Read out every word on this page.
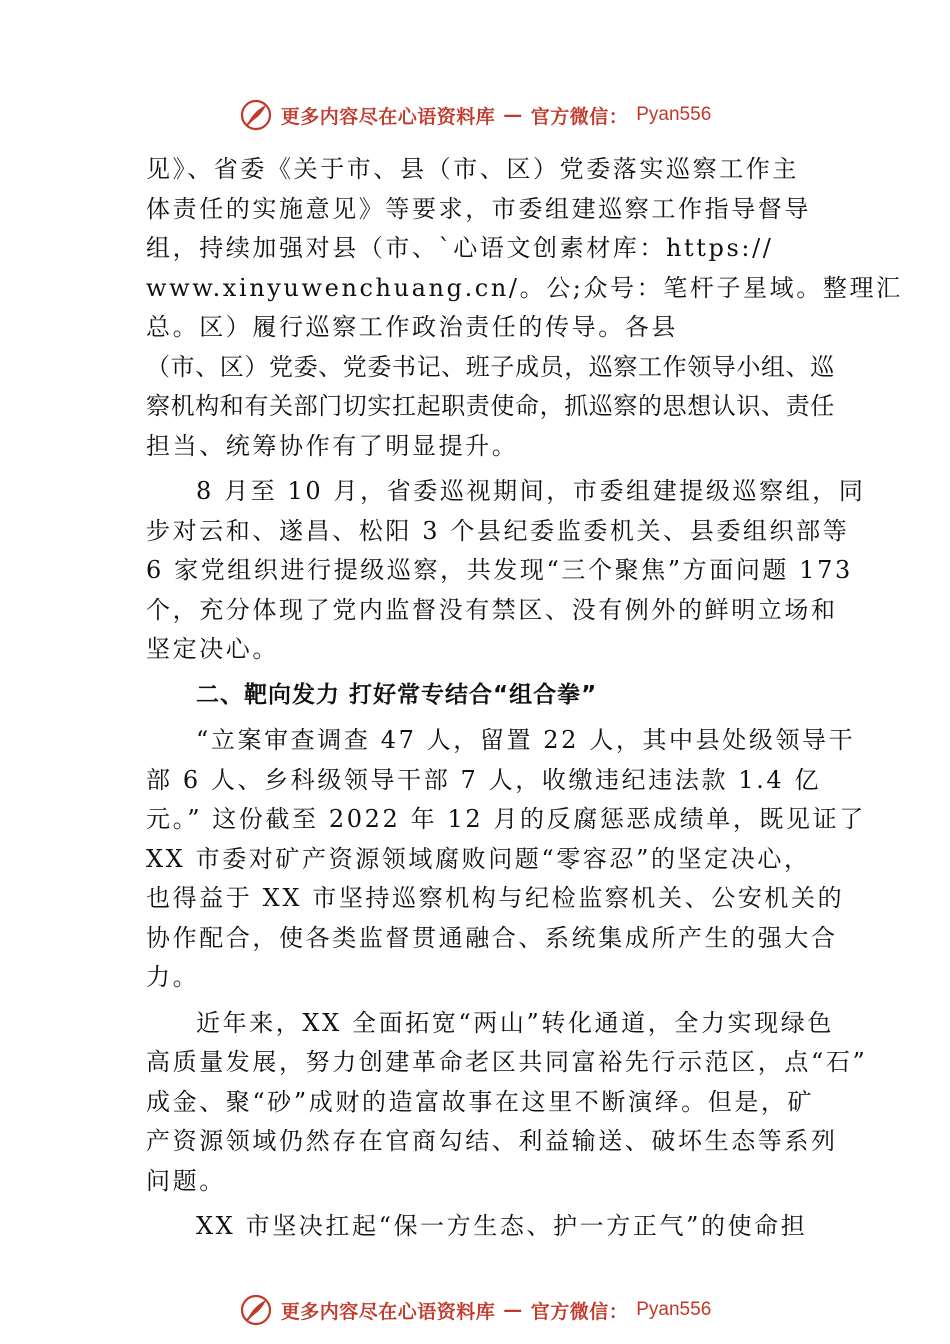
更多内容尽在心语资料库 — 官方微信： Pyan556
见》、省委《关于市、县（市、区）党委落实巡察工作主
体责任的实施意见》等要求，市委组建巡察工作指导督导
组，持续加强对县（市、`心语文创素材库：https://
www.xinyuwenchuang.cn/。公;众号：笔杆子星域。整理汇
总。区）履行巡察工作政治责任的传导。各县
（市、区）党委、党委书记、班子成员，巡察工作领导小组、巡
察机构和有关部门切实扛起职责使命，抓巡察的思想认识、责任
担当、统筹协作有了明显提升。
8 月至 10 月，省委巡视期间，市委组建提级巡察组，同
步对云和、遂昌、松阳 3 个县纪委监委机关、县委组织部等
6 家党组织进行提级巡察，共发现“三个聚焦”方面问题 173
个，充分体现了党内监督没有禁区、没有例外的鲜明立场和
坚定决心。
二、靶向发力 打好常专结合“组合拳”
“立案审查调查 47 人，留置 22 人，其中县处级领导干
部 6 人、乡科级领导干部 7 人，收缴违纪违法款 1.4 亿
元。” 这份截至 2022 年 12 月的反腐惩恶成绩单，既见证了
XX 市委对矿产资源领域腐败问题“零容忍”的坚定决心，
也得益于 XX 市坚持巡察机构与纪检监察机关、公安机关的
协作配合，使各类监督贯通融合、系统集成所产生的强大合
力。
近年来，XX 全面拓宽“两山”转化通道，全力实现绿色
高质量发展，努力创建革命老区共同富裕先行示范区，点“石”
成金、聚“砂”成财的造富故事在这里不断演绎。但是，矿
产资源领域仍然存在官商勾结、利益输送、破坏生态等系列
问题。
XX 市坚决扛起“保一方生态、护一方正气”的使命担
更多内容尽在心语资料库 — 官方微信： Pyan556
